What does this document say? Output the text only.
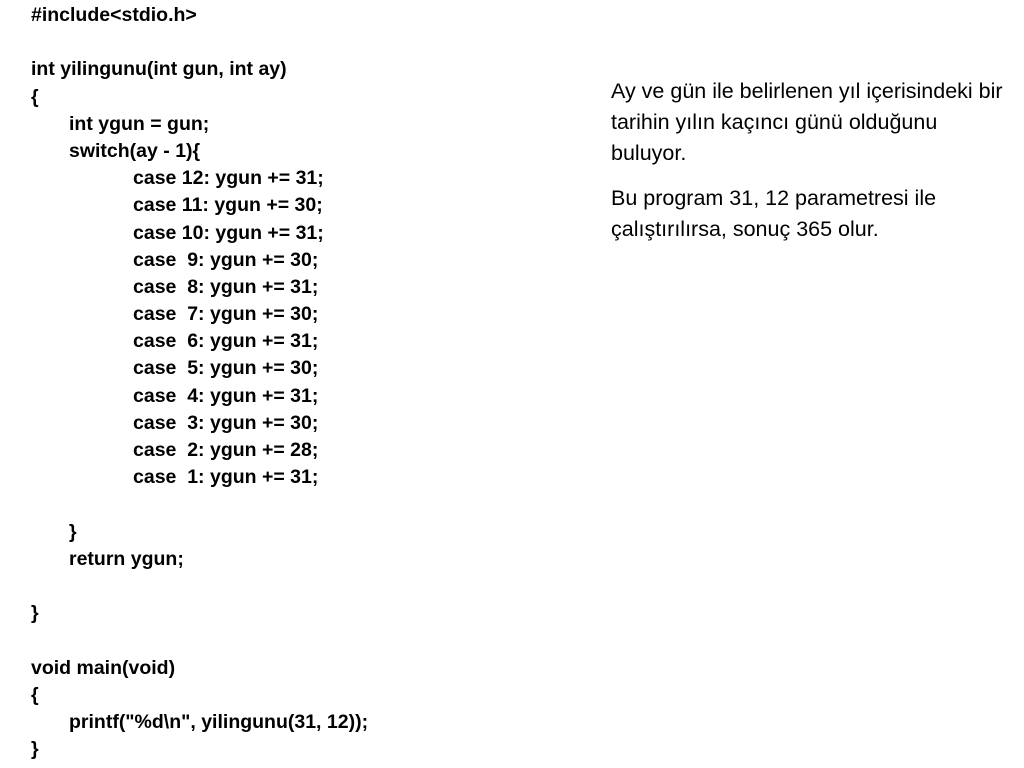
#include<stdio.h>
int yilingunu(int gun, int ay)
{
int ygun = gun;
switch(ay - 1){
case 12: ygun += 31;
case 11: ygun += 30;
case 10: ygun += 31;
case  9: ygun += 30;
case  8: ygun += 31;
case  7: ygun += 30;
case  6: ygun += 31;
case  5: ygun += 30;
case  4: ygun += 31;
case  3: ygun += 30;
case  2: ygun += 28;
case  1: ygun += 31;
}
return ygun;
}
void main(void)
{
printf("%d\n", yilingunu(31, 12));
}

Ay ve gün ile belirlenen yıl içerisindeki bir tarihin yılın kaçıncı günü olduğunu buluyor.

Bu program 31, 12 parametresi ile çalıştırılırsa, sonuç 365 olur.
